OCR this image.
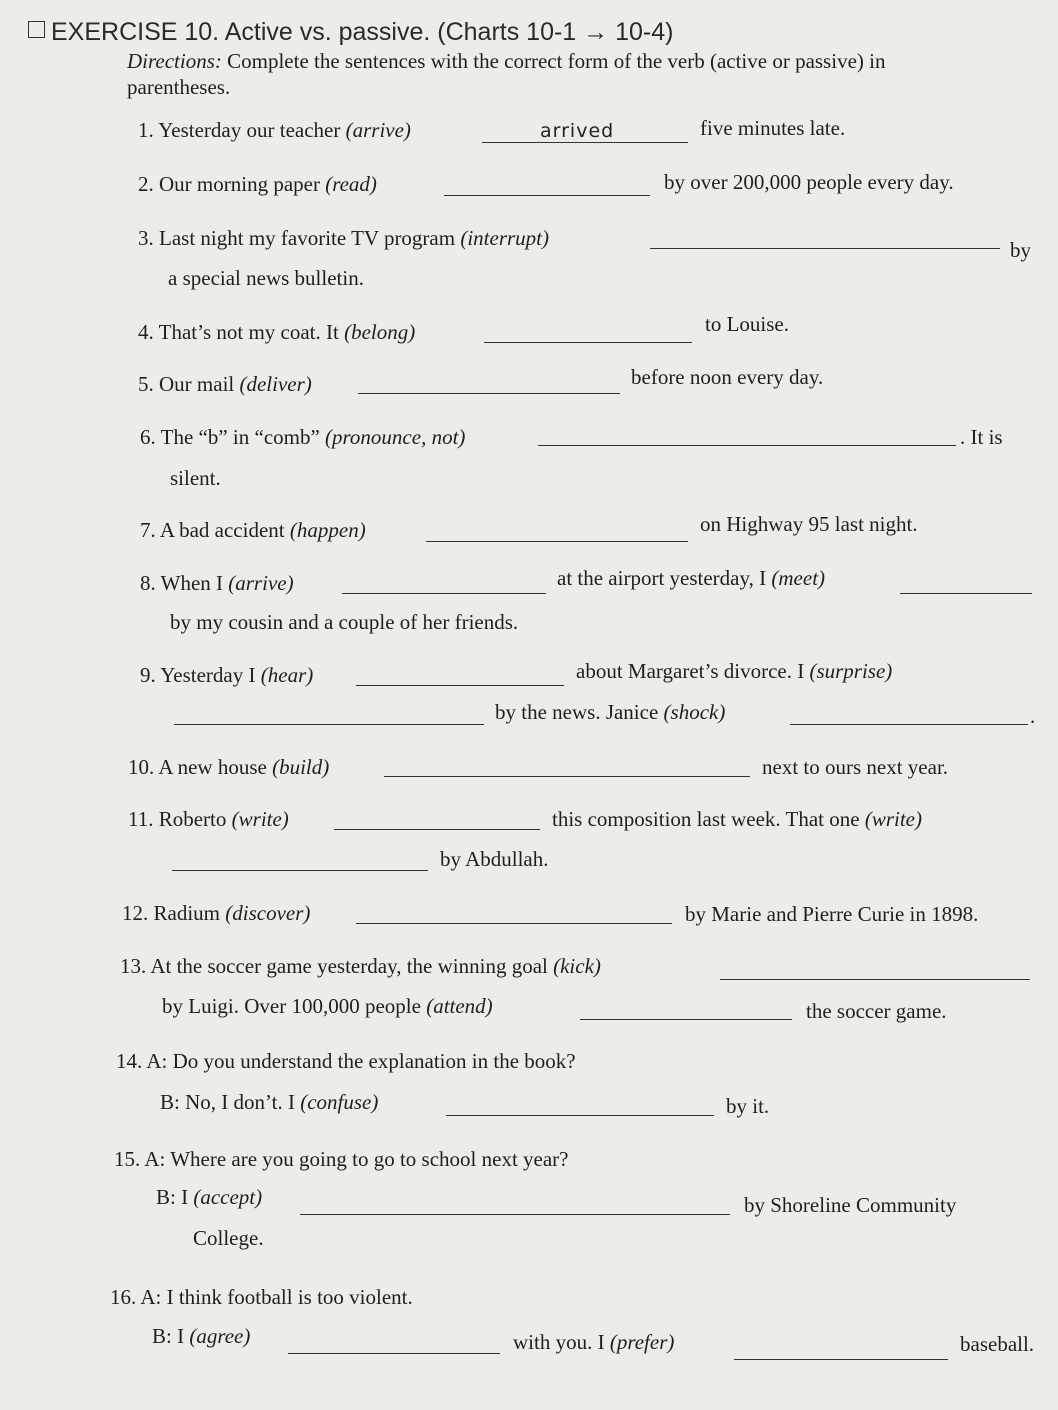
EXERCISE 10. Active vs. passive. (Charts 10-1 → 10-4)
Directions: Complete the sentences with the correct form of the verb (active or passive) in
parentheses.
1. Yesterday our teacher (arrive)	arrived	five minutes late.
2. Our morning paper (read)	by over 200,000 people every day.
3. Last night my favorite TV program (interrupt)	by
a special news bulletin.
4. That’s not my coat. It (belong)	to Louise.
5. Our mail (deliver)	before noon every day.
6. The “b” in “comb” (pronounce, not)	. It is
silent.
7. A bad accident (happen)	on Highway 95 last night.
8. When I (arrive)	at the airport yesterday, I (meet)
by my cousin and a couple of her friends.
9. Yesterday I (hear)	about Margaret’s divorce. I (surprise)
by the news. Janice (shock)	.
10. A new house (build)	next to ours next year.
11. Roberto (write)	this composition last week. That one (write)
by Abdullah.
12. Radium (discover)	by Marie and Pierre Curie in 1898.
13. At the soccer game yesterday, the winning goal (kick)
by Luigi. Over 100,000 people (attend)	the soccer game.
14. A: Do you understand the explanation in the book?
B: No, I don’t. I (confuse)	by it.
15. A: Where are you going to go to school next year?
B: I (accept)	by Shoreline Community
College.
16. A: I think football is too violent.
B: I (agree)	with you. I (prefer)	baseball.
